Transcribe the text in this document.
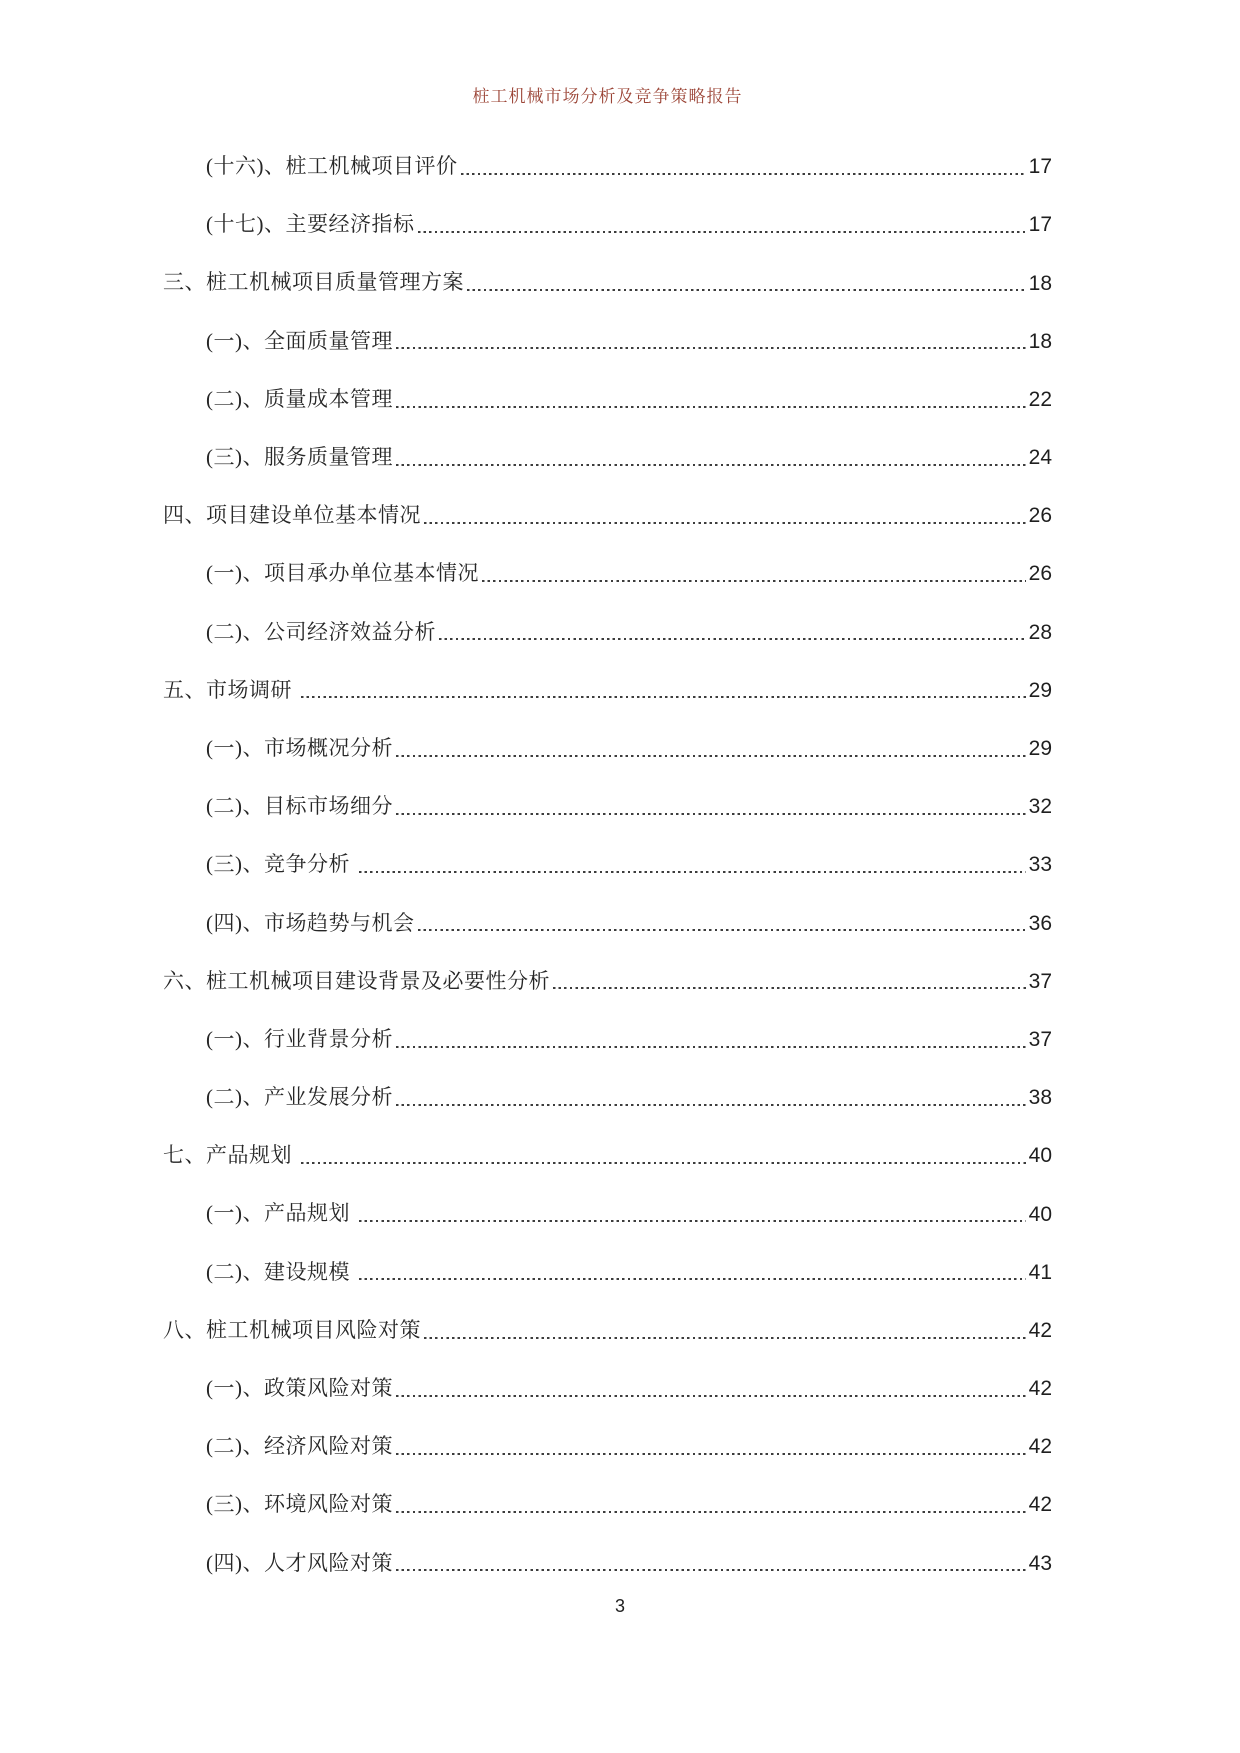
桩工机械市场分析及竞争策略报告
(十六)、桩工机械项目评价	17
(十七)、主要经济指标	17
三、桩工机械项目质量管理方案	18
(一)、全面质量管理	18
(二)、质量成本管理	22
(三)、服务质量管理	24
四、项目建设单位基本情况	26
(一)、项目承办单位基本情况	26
(二)、公司经济效益分析	28
五、市场调研	29
(一)、市场概况分析	29
(二)、目标市场细分	32
(三)、竞争分析	33
(四)、市场趋势与机会	36
六、桩工机械项目建设背景及必要性分析	37
(一)、行业背景分析	37
(二)、产业发展分析	38
七、产品规划	40
(一)、产品规划	40
(二)、建设规模	41
八、桩工机械项目风险对策	42
(一)、政策风险对策	42
(二)、经济风险对策	42
(三)、环境风险对策	42
(四)、人才风险对策	43
3
